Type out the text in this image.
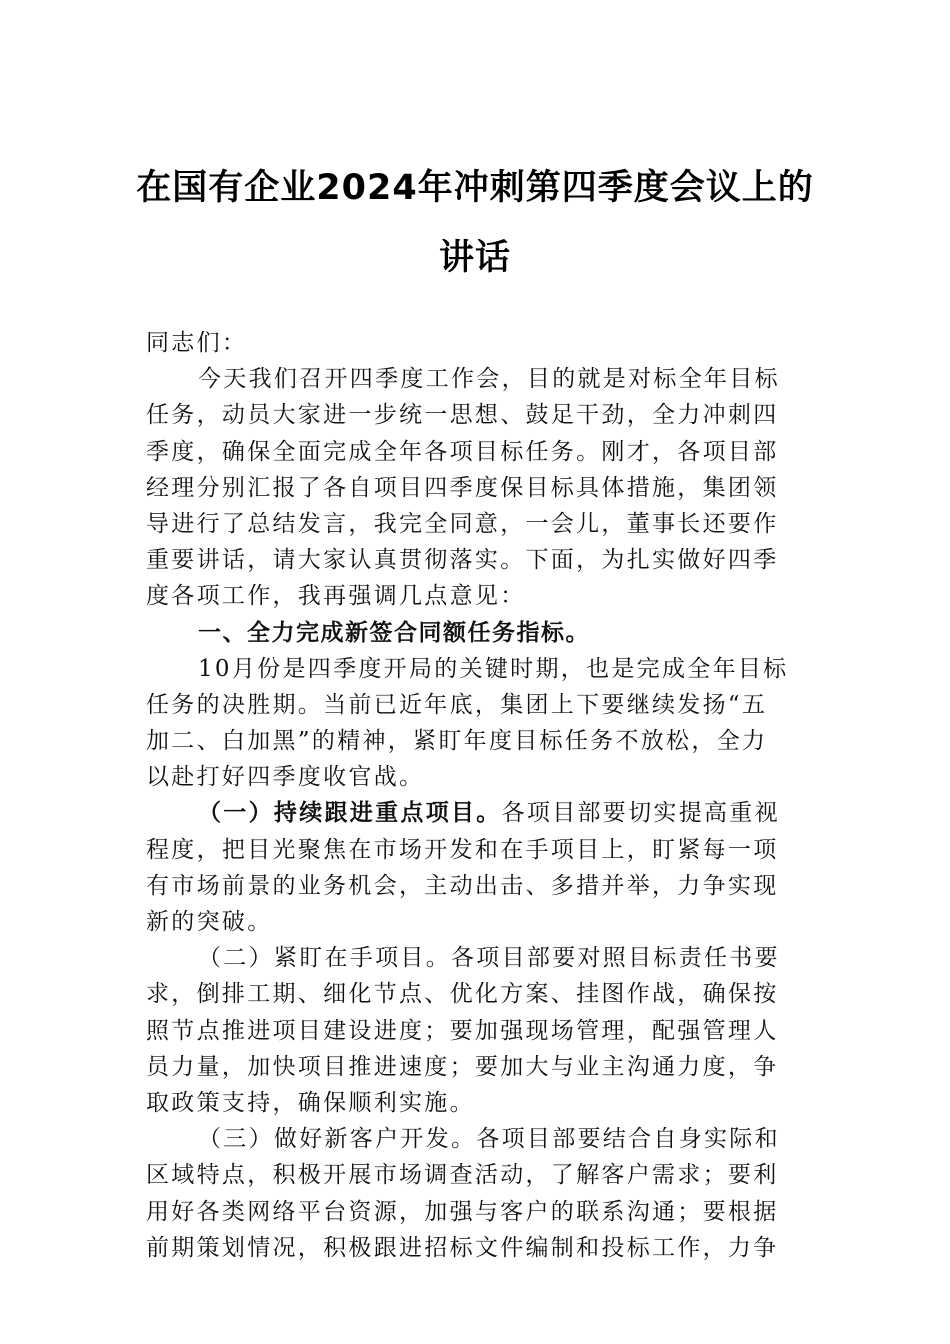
在国有企业2024年冲刺第四季度会议上的
讲话
同志们：
今天我们召开四季度工作会，目的就是对标全年目标
任务，动员大家进一步统一思想、鼓足干劲，全力冲刺四
季度，确保全面完成全年各项目标任务。刚才，各项目部
经理分别汇报了各自项目四季度保目标具体措施，集团领
导进行了总结发言，我完全同意，一会儿，董事长还要作
重要讲话，请大家认真贯彻落实。下面，为扎实做好四季
度各项工作，我再强调几点意见：
一、全力完成新签合同额任务指标。
10月份是四季度开局的关键时期，也是完成全年目标
任务的决胜期。当前已近年底，集团上下要继续发扬“五
加二、白加黑”的精神，紧盯年度目标任务不放松，全力
以赴打好四季度收官战。
（一）持续跟进重点项目。各项目部要切实提高重视
程度，把目光聚焦在市场开发和在手项目上，盯紧每一项
有市场前景的业务机会，主动出击、多措并举，力争实现
新的突破。
（二）紧盯在手项目。各项目部要对照目标责任书要
求，倒排工期、细化节点、优化方案、挂图作战，确保按
照节点推进项目建设进度；要加强现场管理，配强管理人
员力量，加快项目推进速度；要加大与业主沟通力度，争
取政策支持，确保顺利实施。
（三）做好新客户开发。各项目部要结合自身实际和
区域特点，积极开展市场调查活动，了解客户需求；要利
用好各类网络平台资源，加强与客户的联系沟通；要根据
前期策划情况，积极跟进招标文件编制和投标工作，力争
